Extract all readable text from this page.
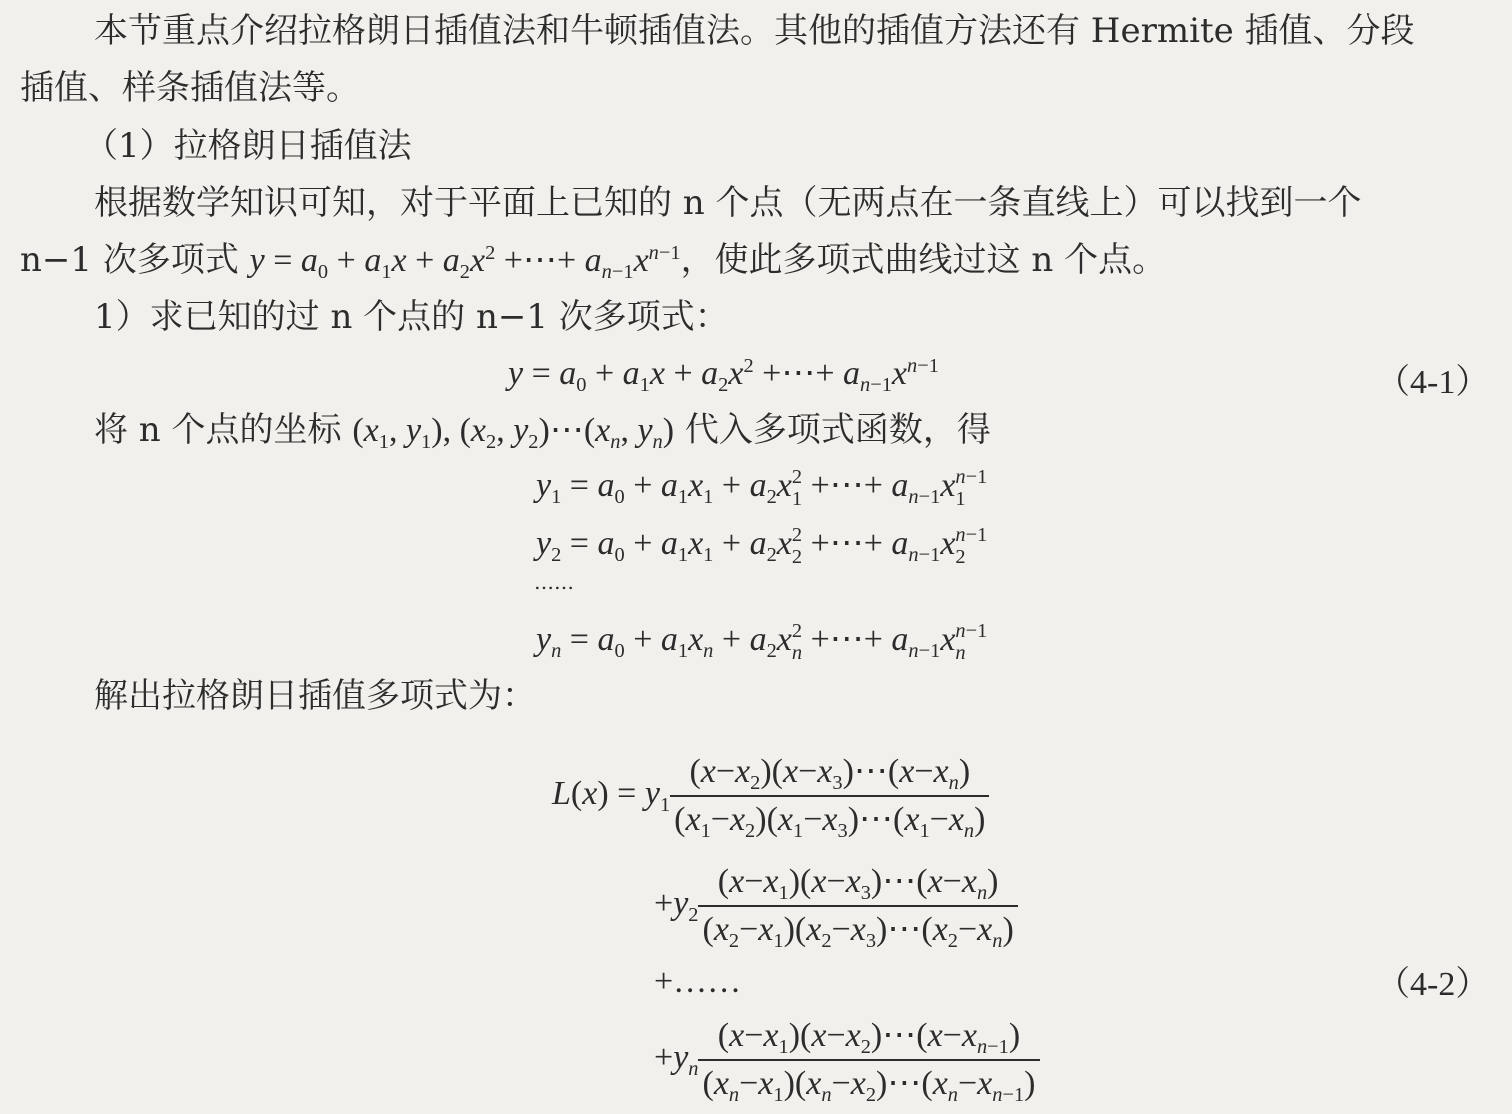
本节重点介绍拉格朗日插值法和牛顿插值法。其他的插值方法还有 Hermite 插值、分段
插值、样条插值法等。
（1）拉格朗日插值法
根据数学知识可知，对于平面上已知的 n 个点（无两点在一条直线上）可以找到一个
n−1 次多项式 $y = a_0 + a_1x + a_2x^2$ +⋯+ $a_{n-1}x^{n-1}$，使此多项式曲线过这 n 个点。
1）求已知的过 n 个点的 n−1 次多项式：
$y = a_0 + a_1x + a_2x^2$ +⋯+ $a_{n-1}x^{n-1}$	（4-1）
将 n 个点的坐标 ($x_1$, $y_1$), ($x_2$, $y_2)\cdots(x_n$, $y_n$) 代入多项式函数，得
$y_1 = a_0 + a_1x_1 + a_2x$ 2
1 +⋯+ $a_{n-1}x$ n−1
1
$y_2 = a_0 + a_1x_1 + a_2x$ 2
2 +⋯+ $a_{n-1}x$ n−1
2
……
$y_n = a_0 + a_1x_n + a_2x$ 2
n +⋯+ $a_{n-1}x$ n−1
n
解出拉格朗日插值多项式为：
$L(x) = y_1 \frac{(x-x_2)(x-x_3)\cdots(x-x_n)}{(x_1-x_2)(x_1-x_3)\cdots(x_1-x_n)}$
$+y_2 \frac{(x-x_1)(x-x_3)\cdots(x-x_n)}{(x_2-x_1)(x_2-x_3)\cdots(x_2-x_n)}$
+……	（4-2）
$+y_n \frac{(x-x_1)(x-x_2)\cdots(x-x_{n-1})}{(x_n-x_1)(x_n-x_2)\cdots(x_n-x_{n-1})}$
